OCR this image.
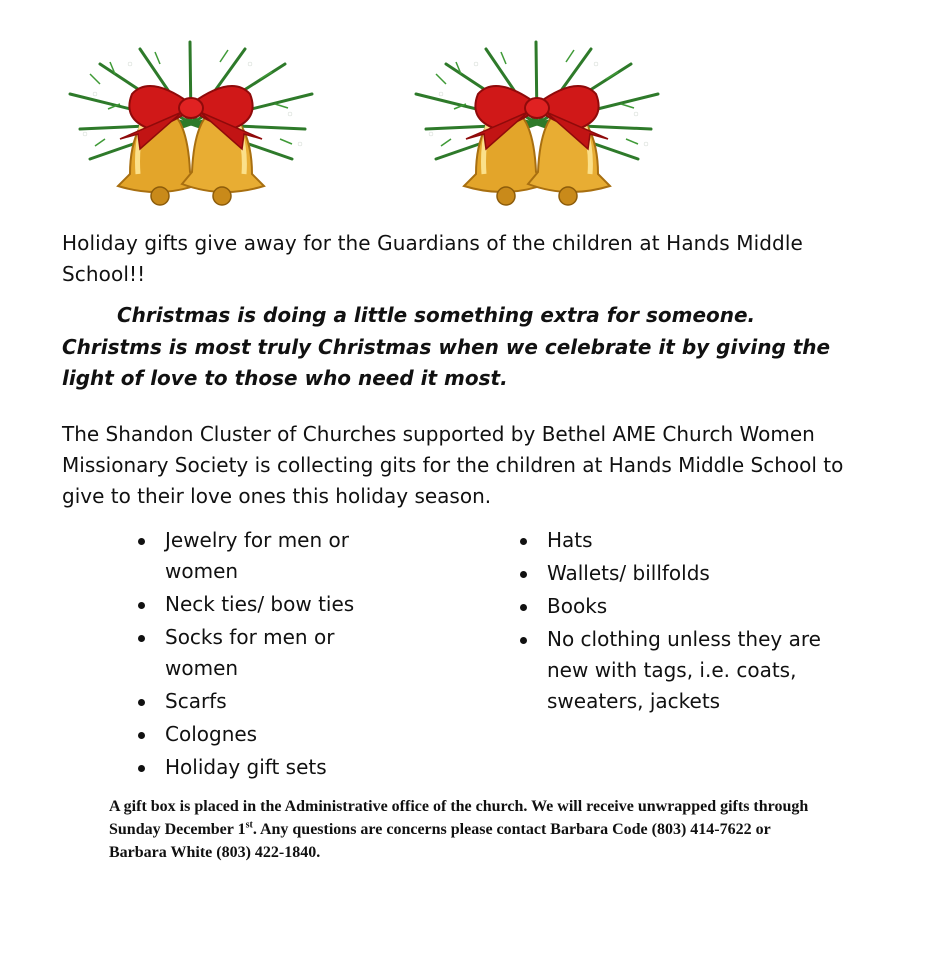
Holiday gifts give away for the Guardians of the children at Hands Middle School!!
Christmas is doing a little something extra for someone.
Christms is most truly Christmas when we celebrate it by giving the light of love to those who need it most.
The Shandon Cluster of Churches supported by Bethel AME Church Women Missionary Society is collecting gits for the children at Hands Middle School to give to their love ones this holiday season.
Jewelry for men or women
Neck ties/ bow ties
Socks for men or women
Scarfs
Colognes
Holiday gift sets
Hats
Wallets/ billfolds
Books
No clothing unless they are new with tags, i.e. coats, sweaters, jackets
A gift box is placed in the Administrative office of the church. We will receive unwrapped gifts through Sunday December 1st. Any questions are concerns please contact Barbara Code (803) 414-7622 or Barbara White (803) 422-1840.
